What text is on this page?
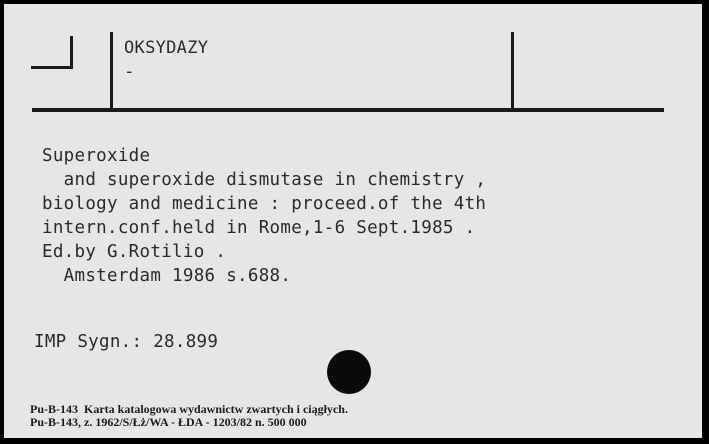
OKSYDAZY
-
Superoxide
and superoxide dismutase in chemistry ,
biology and medicine : proceed.of the 4th
intern.conf.held in Rome,1-6 Sept.1985 .
Ed.by G.Rotilio .
Amsterdam 1986 s.688.
IMP Sygn.: 28.899
Pu-B-143  Karta katalogowa wydawnictw zwartych i ciągłych.
Pu-B-143, z. 1962/S/Łż/WA - ŁDA - 1203/82 n. 500 000
